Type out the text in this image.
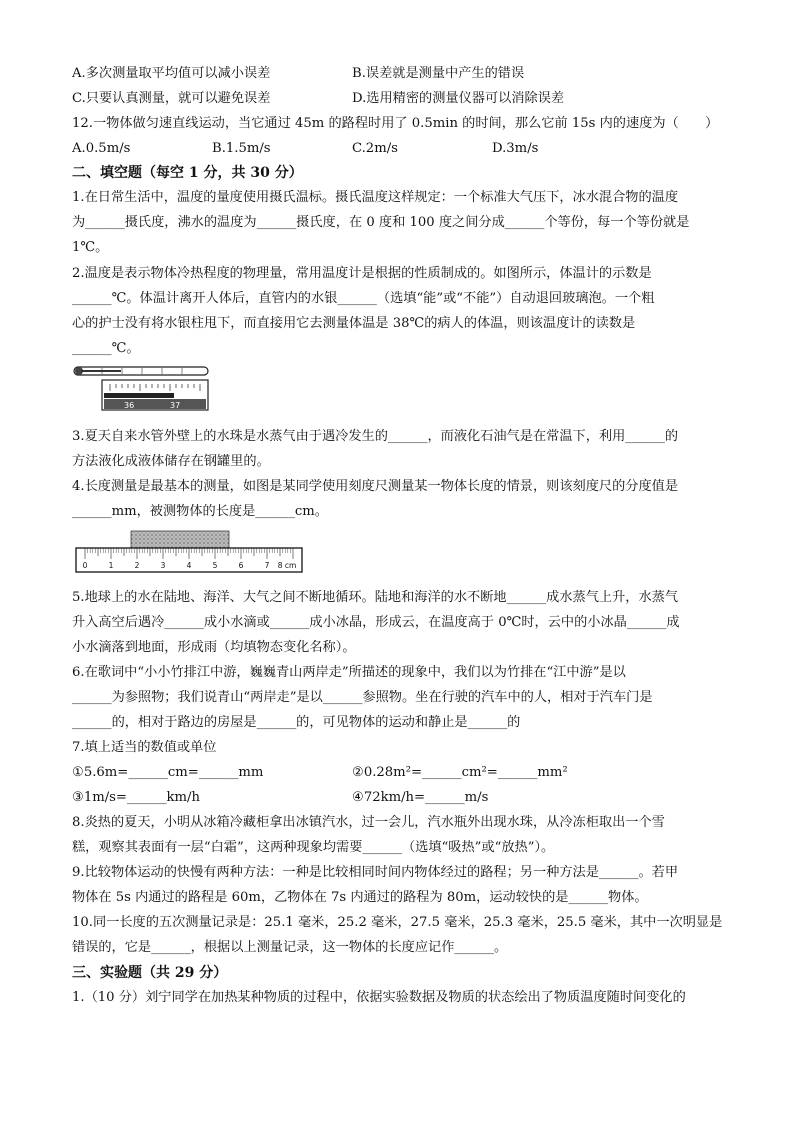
A.多次测量取平均值可以减小误差	B.误差就是测量中产生的错误
C.只要认真测量，就可以避免误差	D.选用精密的测量仪器可以消除误差
12.一物体做匀速直线运动，当它通过 45m 的路程时用了 0.5min 的时间，那么它前 15s 内的速度为（　　）
A.0.5m/s	B.1.5m/s	C.2m/s	D.3m/s
二、填空题（每空 1 分，共 30 分）
1.在日常生活中，温度的量度使用摄氏温标。摄氏温度这样规定：一个标准大气压下，冰水混合物的温度
为______摄氏度，沸水的温度为______摄氏度，在 0 度和 100 度之间分成______个等份，每一个等份就是
1℃。
2.温度是表示物体冷热程度的物理量，常用温度计是根据的性质制成的。如图所示，体温计的示数是
______℃。体温计离开人体后，直管内的水银______（选填“能”或“不能”）自动退回玻璃泡。一个粗
心的护士没有将水银柱甩下，而直接用它去测量体温是 38℃的病人的体温，则该温度计的读数是
______℃。
36	37
3.夏天自来水管外壁上的水珠是水蒸气由于遇冷发生的______，而液化石油气是在常温下，利用______的
方法液化成液体储存在钢罐里的。
4.长度测量是最基本的测量，如图是某同学使用刻度尺测量某一物体长度的情景，则该刻度尺的分度值是
______mm，被测物体的长度是______cm。
0	1	2	3	4	5	6	7 8 cm
5.地球上的水在陆地、海洋、大气之间不断地循环。陆地和海洋的水不断地______成水蒸气上升，水蒸气
升入高空后遇冷______成小水滴或______成小冰晶，形成云，在温度高于 0℃时，云中的小冰晶______成
小水滴落到地面，形成雨（均填物态变化名称）。
6.在歌词中“小小竹排江中游，巍巍青山两岸走”所描述的现象中，我们以为竹排在“江中游”是以
______为参照物；我们说青山“两岸走”是以______参照物。坐在行驶的汽车中的人，相对于汽车门是
______的，相对于路边的房屋是______的，可见物体的运动和静止是______的
7.填上适当的数值或单位
①5.6m=______cm=______mm	②0.28m²=______cm²=______mm²
③1m/s=______km/h	④72km/h=______m/s
8.炎热的夏天，小明从冰箱冷藏柜拿出冰镇汽水，过一会儿，汽水瓶外出现水珠，从冷冻柜取出一个雪
糕，观察其表面有一层“白霜”，这两种现象均需要______（选填“吸热”或“放热”）。
9.比较物体运动的快慢有两种方法：一种是比较相同时间内物体经过的路程；另一种方法是______。若甲
物体在 5s 内通过的路程是 60m，乙物体在 7s 内通过的路程为 80m，运动较快的是______物体。
10.同一长度的五次测量记录是：25.1 毫米，25.2 毫米，27.5 毫米，25.3 毫米，25.5 毫米，其中一次明显是
错误的，它是______，根据以上测量记录，这一物体的长度应记作______。
三、实验题（共 29 分）
1.（10 分）刘宁同学在加热某种物质的过程中，依据实验数据及物质的状态绘出了物质温度随时间变化的
